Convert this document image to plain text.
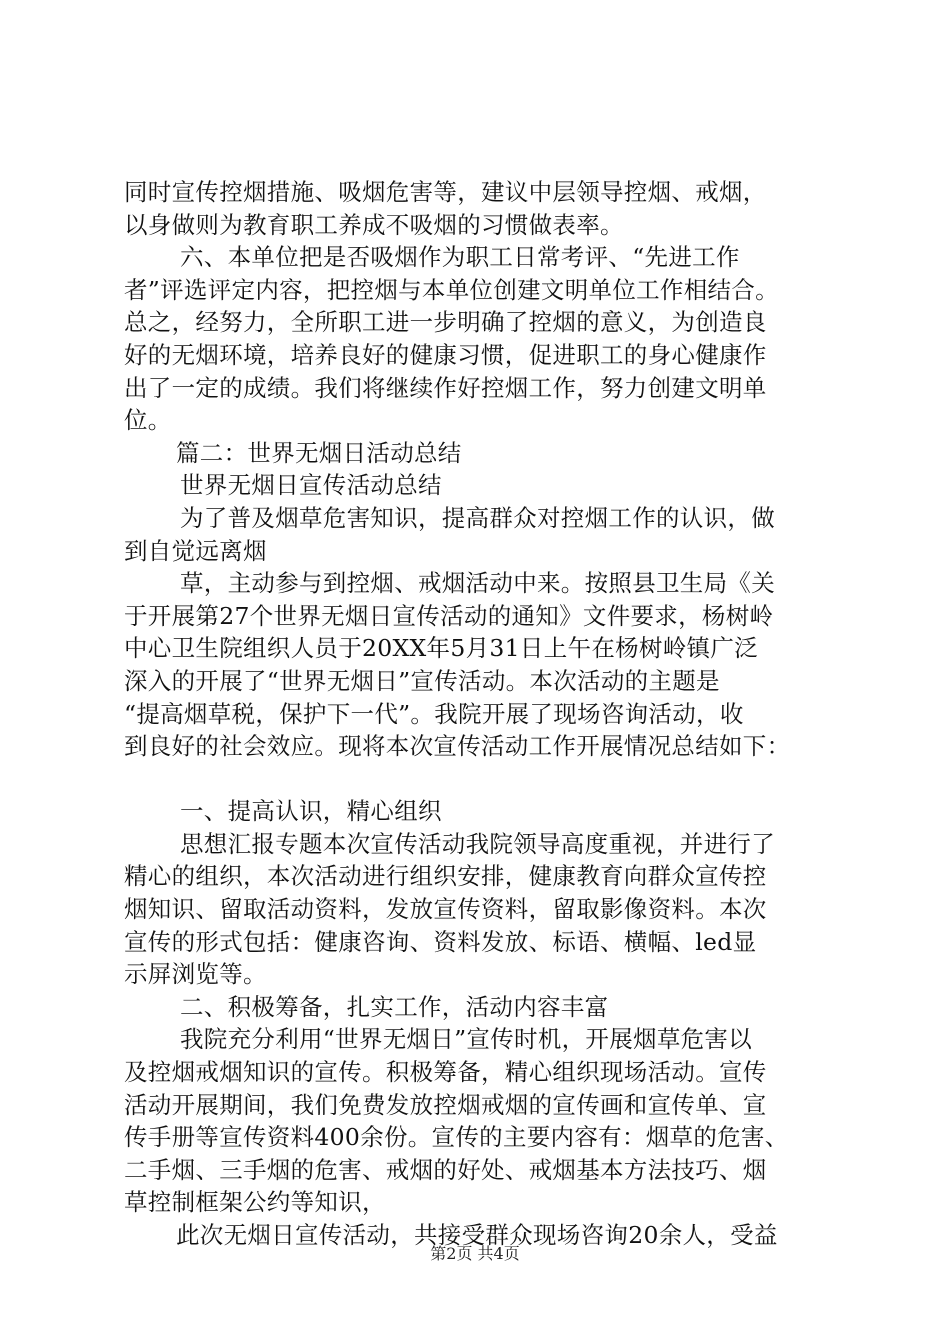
同时宣传控烟措施、吸烟危害等，建议中层领导控烟、戒烟，
以身做则为教育职工养成不吸烟的习惯做表率。
六、本单位把是否吸烟作为职工日常考评、“先进工作
者”评选评定内容，把控烟与本单位创建文明单位工作相结合。
总之，经努力，全所职工进一步明确了控烟的意义，为创造良
好的无烟环境，培养良好的健康习惯，促进职工的身心健康作
出了一定的成绩。我们将继续作好控烟工作，努力创建文明单
位。
篇二：世界无烟日活动总结
世界无烟日宣传活动总结
为了普及烟草危害知识，提高群众对控烟工作的认识，做
到自觉远离烟
草，主动参与到控烟、戒烟活动中来。按照县卫生局《关
于开展第27个世界无烟日宣传活动的通知》文件要求，杨树岭
中心卫生院组织人员于20XX年5月31日上午在杨树岭镇广泛
深入的开展了“世界无烟日”宣传活动。本次活动的主题是
“提高烟草税，保护下一代”。我院开展了现场咨询活动，收
到良好的社会效应。现将本次宣传活动工作开展情况总结如下：
一、提高认识，精心组织
思想汇报专题本次宣传活动我院领导高度重视，并进行了
精心的组织，本次活动进行组织安排，健康教育向群众宣传控
烟知识、留取活动资料，发放宣传资料，留取影像资料。本次
宣传的形式包括：健康咨询、资料发放、标语、横幅、led显
示屏浏览等。
二、积极筹备，扎实工作，活动内容丰富
我院充分利用“世界无烟日”宣传时机，开展烟草危害以
及控烟戒烟知识的宣传。积极筹备，精心组织现场活动。宣传
活动开展期间，我们免费发放控烟戒烟的宣传画和宣传单、宣
传手册等宣传资料400余份。宣传的主要内容有：烟草的危害、
二手烟、三手烟的危害、戒烟的好处、戒烟基本方法技巧、烟
草控制框架公约等知识，
此次无烟日宣传活动，共接受群众现场咨询20余人，受益
第2页 共4页
